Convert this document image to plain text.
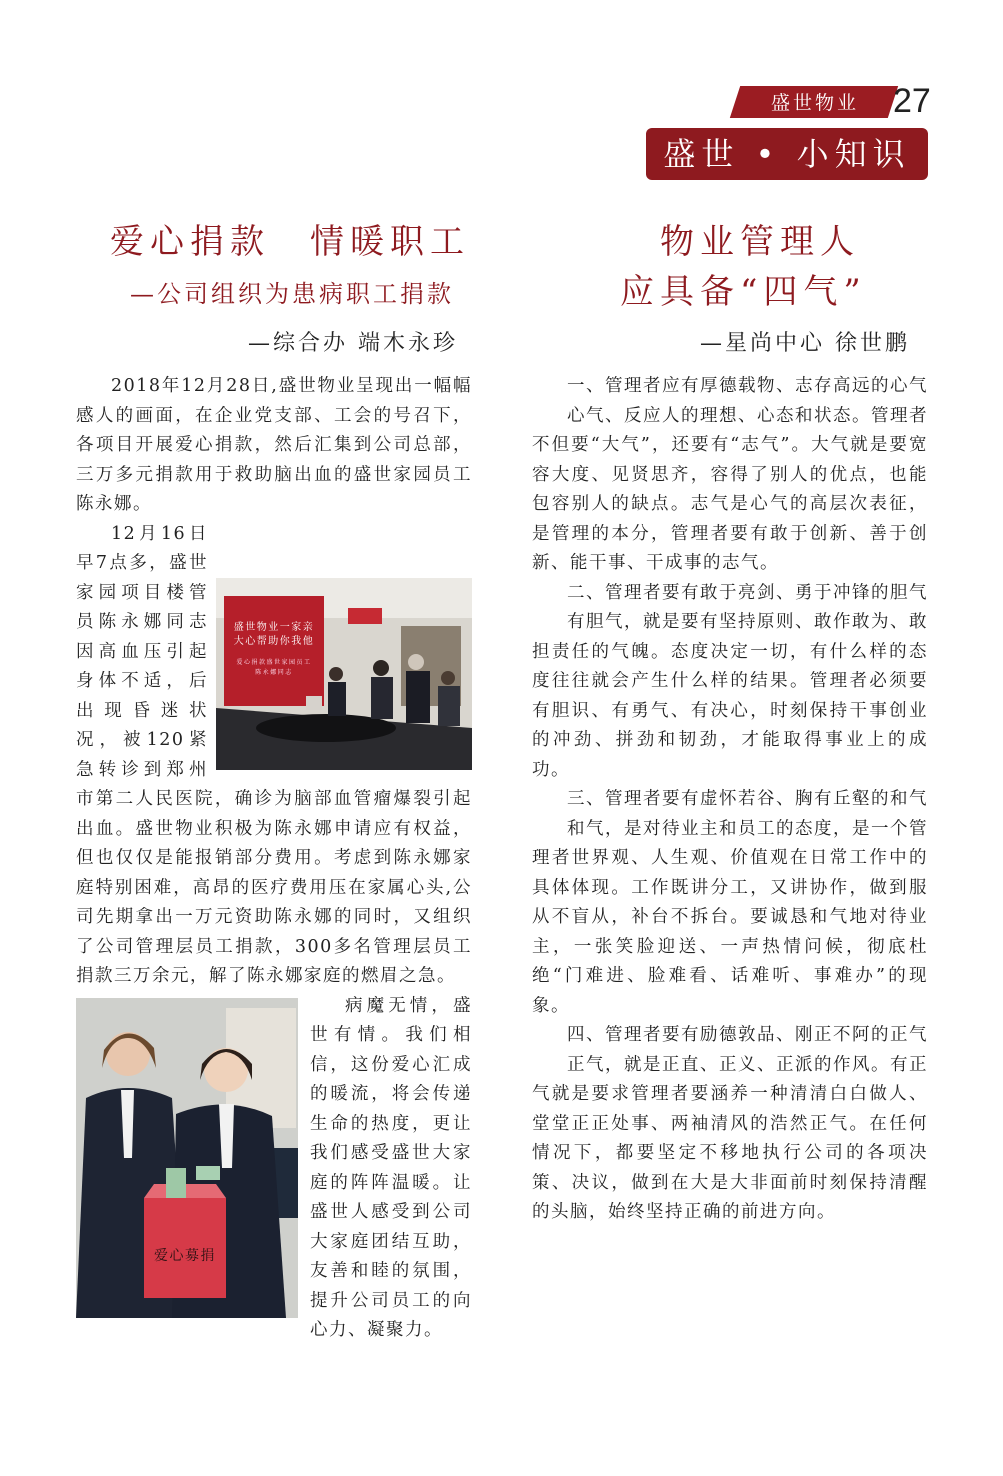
盛世物业	27
盛世 • 小知识
爱心捐款　情暖职工
—公司组织为患病职工捐款
—综合办 端木永珍
物业管理人
应具备“四气”
—星尚中心 徐世鹏

2018年12月28日,盛世物业呈现出一幅幅感人的画面，在企业党支部、工会的号召下，各项目开展爱心捐款，然后汇集到公司总部，三万多元捐款用于救助脑出血的盛世家园员工陈永娜。

盛世物业一家亲
大心帮助你我他
爱心捐款盛世家园员工
陈永娜同志

12月16日早7点多，盛世家园项目楼管员陈永娜同志因高血压引起身体不适，后出现昏迷状况，被120紧急转诊到郑州市第二人民医院，确诊为脑部血管瘤爆裂引起出血。盛世物业积极为陈永娜申请应有权益，但也仅仅是能报销部分费用。考虑到陈永娜家庭特别困难，高昂的医疗费用压在家属心头,公司先期拿出一万元资助陈永娜的同时，又组织了公司管理层员工捐款，300多名管理层员工捐款三万余元，解了陈永娜家庭的燃眉之急。

爱心募捐

病魔无情，盛世有情。我们相信，这份爱心汇成的暖流，将会传递生命的热度，更让我们感受盛世大家庭的阵阵温暖。让盛世人感受到公司大家庭团结互助，友善和睦的氛围，提升公司员工的向心力、凝聚力。

一、管理者应有厚德载物、志存高远的心气

心气、反应人的理想、心态和状态。管理者不但要“大气”，还要有“志气”。大气就是要宽容大度、见贤思齐，容得了别人的优点，也能包容别人的缺点。志气是心气的高层次表征，是管理的本分，管理者要有敢于创新、善于创新、能干事、干成事的志气。

二、管理者要有敢于亮剑、勇于冲锋的胆气

有胆气，就是要有坚持原则、敢作敢为、敢担责任的气魄。态度决定一切，有什么样的态度往往就会产生什么样的结果。管理者必须要有胆识、有勇气、有决心，时刻保持干事创业的冲劲、拼劲和韧劲，才能取得事业上的成功。

三、管理者要有虚怀若谷、胸有丘壑的和气

和气，是对待业主和员工的态度，是一个管理者世界观、人生观、价值观在日常工作中的具体体现。工作既讲分工，又讲协作，做到服从不盲从，补台不拆台。要诚恳和气地对待业主，一张笑脸迎送、一声热情问候，彻底杜绝“门难进、脸难看、话难听、事难办”的现象。

四、管理者要有励德敦品、刚正不阿的正气

正气，就是正直、正义、正派的作风。有正气就是要求管理者要涵养一种清清白白做人、堂堂正正处事、两袖清风的浩然正气。在任何情况下，都要坚定不移地执行公司的各项决策、决议，做到在大是大非面前时刻保持清醒的头脑，始终坚持正确的前进方向。
